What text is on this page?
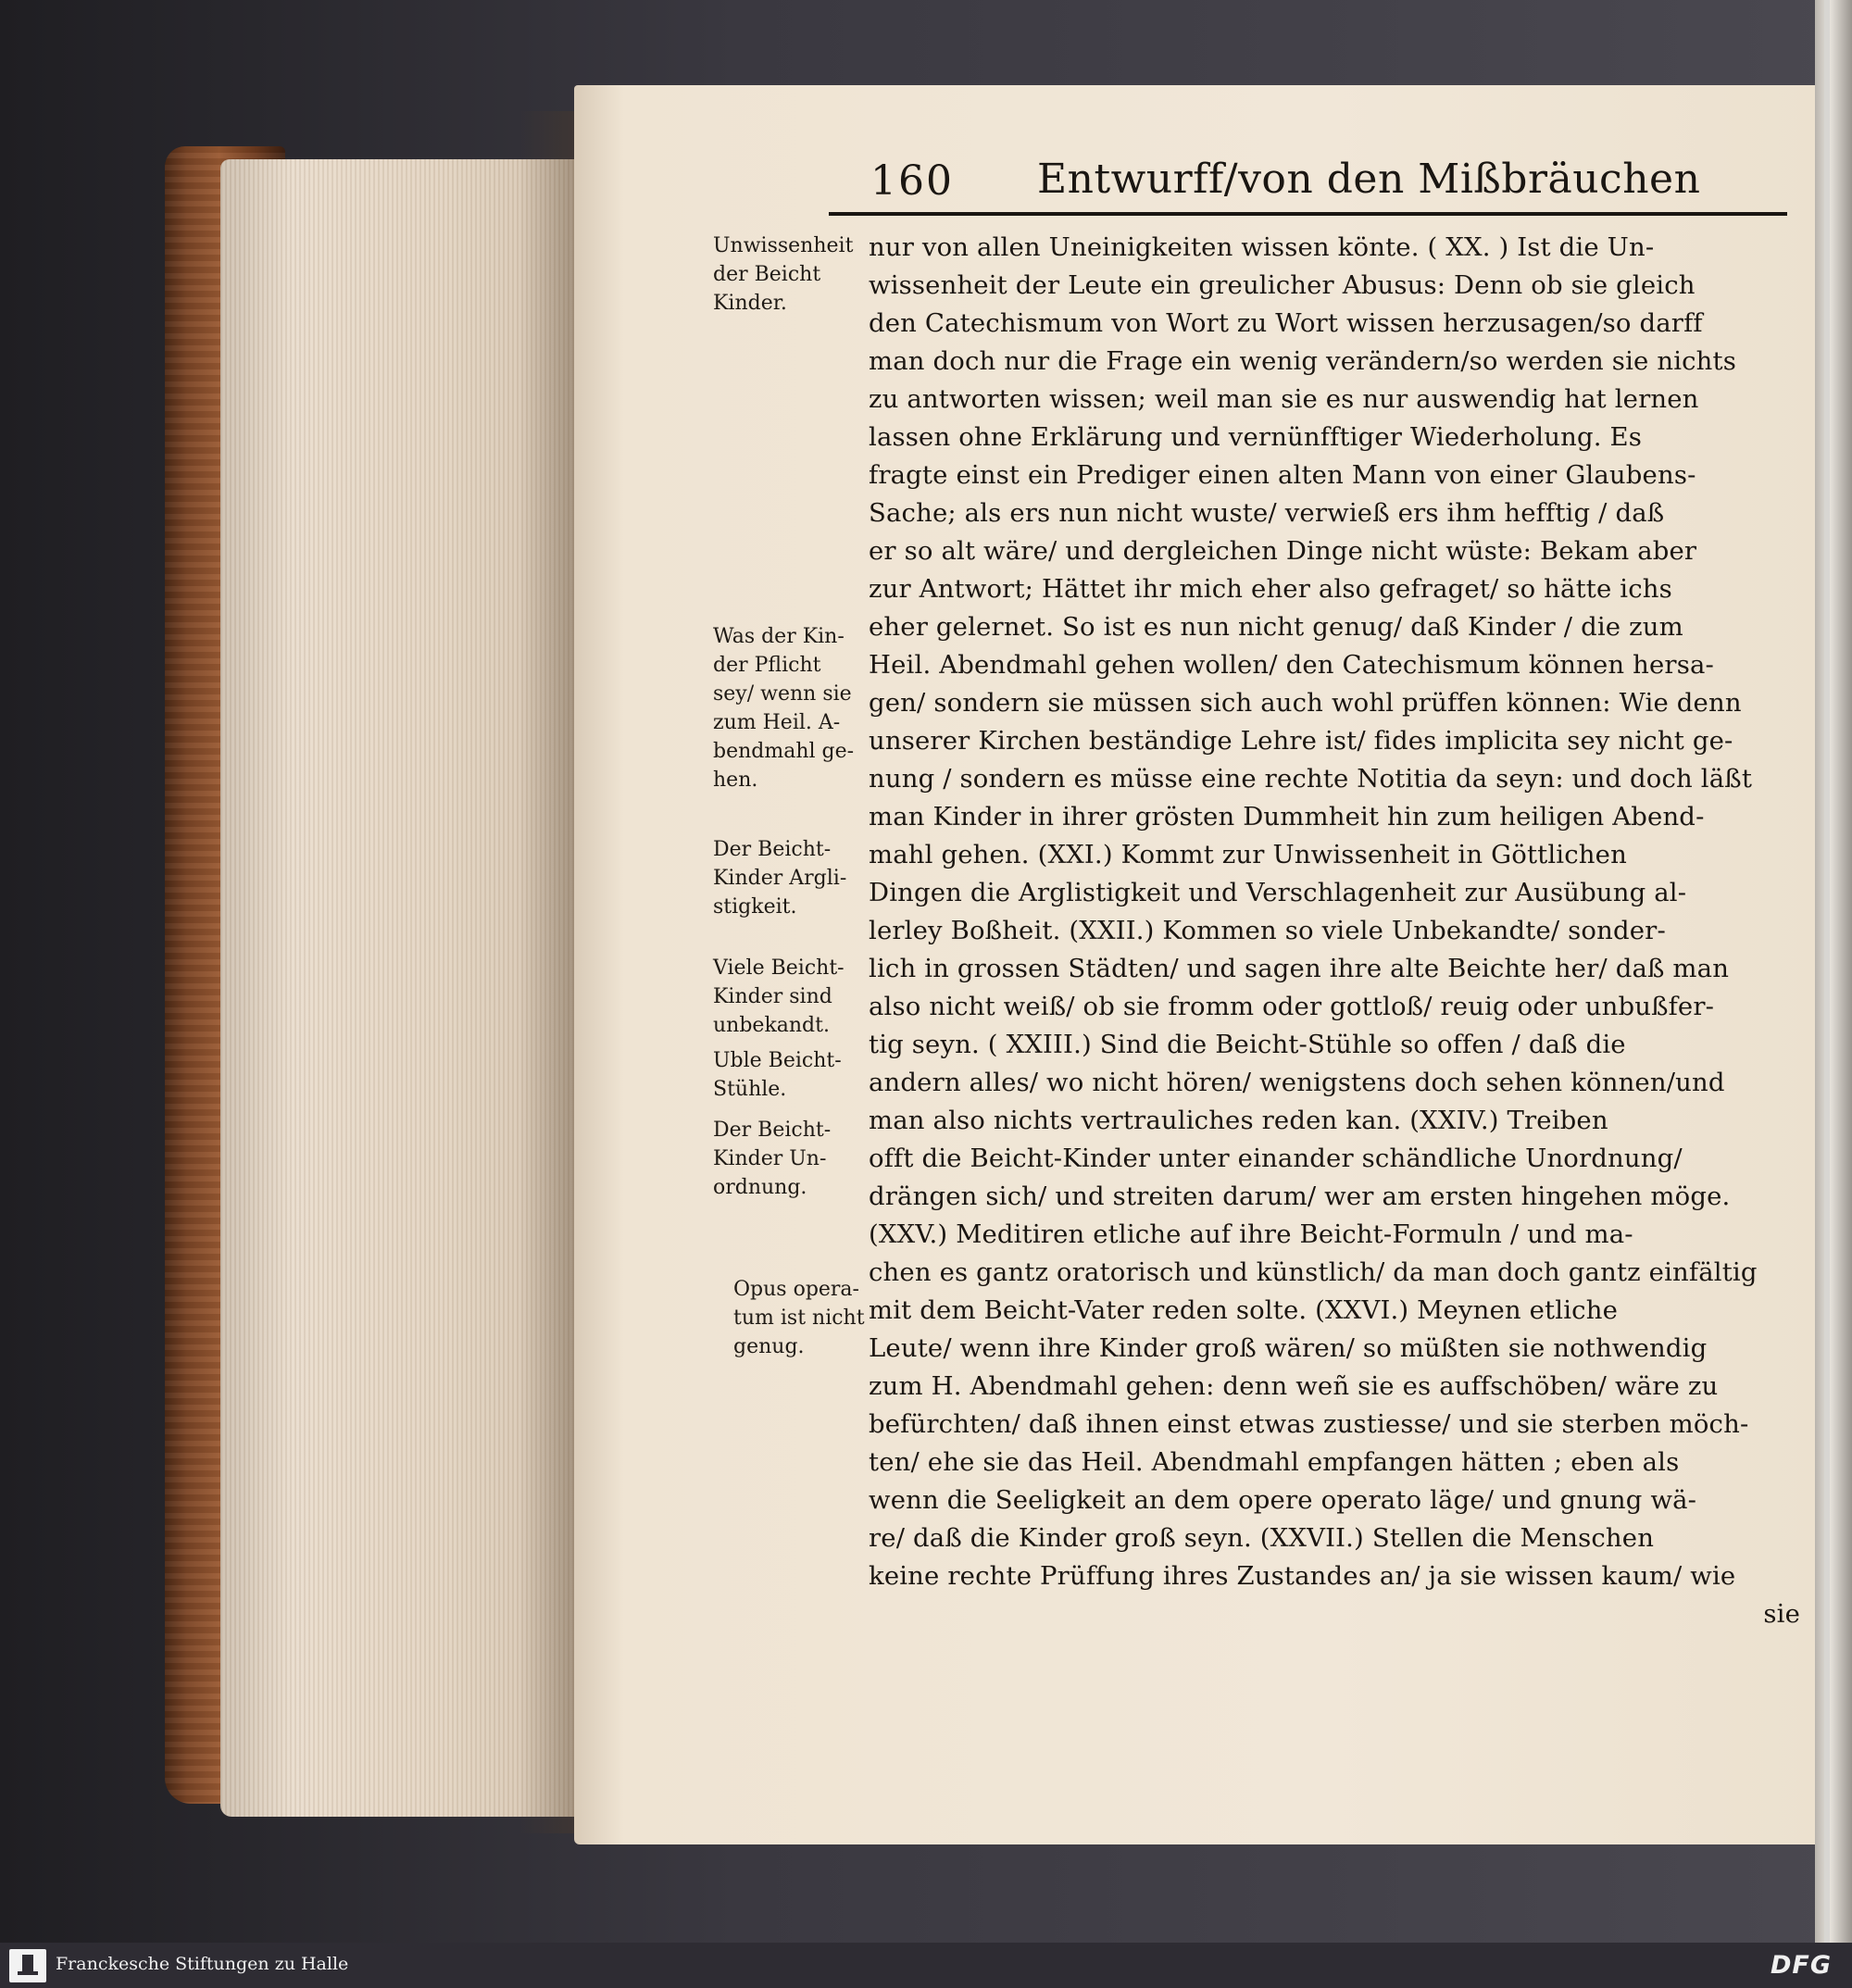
160 Entwurff/von den Mißbräuchen
Unwissenheit
der Beicht
Kinder.
Was der Kin-
der Pflicht
sey/ wenn sie
zum Heil. A-
bendmahl ge-
hen.
Der Beicht-
Kinder Argli-
stigkeit.
Viele Beicht-
Kinder sind
unbekandt.
Uble Beicht-
Stühle.
Der Beicht-
Kinder Un-
ordnung.
Opus opera-
tum ist nicht
genug.
nur von allen Uneinigkeiten wissen könte. ( XX. ) Ist die Un-
wissenheit der Leute ein greulicher Abusus: Denn ob sie gleich
den Catechismum von Wort zu Wort wissen herzusagen/so darff
man doch nur die Frage ein wenig verändern/so werden sie nichts
zu antworten wissen; weil man sie es nur auswendig hat lernen
lassen ohne Erklärung und vernünfftiger Wiederholung. Es
fragte einst ein Prediger einen alten Mann von einer Glaubens-
Sache; als ers nun nicht wuste/ verwieß ers ihm hefftig / daß
er so alt wäre/ und dergleichen Dinge nicht wüste: Bekam aber
zur Antwort; Hättet ihr mich eher also gefraget/ so hätte ichs
eher gelernet. So ist es nun nicht genug/ daß Kinder / die zum
Heil. Abendmahl gehen wollen/ den Catechismum können hersa-
gen/ sondern sie müssen sich auch wohl prüffen können: Wie denn
unserer Kirchen beständige Lehre ist/ fides implicita sey nicht ge-
nung / sondern es müsse eine rechte Notitia da seyn: und doch läßt
man Kinder in ihrer grösten Dummheit hin zum heiligen Abend-
mahl gehen. (XXI.) Kommt zur Unwissenheit in Göttlichen
Dingen die Arglistigkeit und Verschlagenheit zur Ausübung al-
lerley Boßheit. (XXII.) Kommen so viele Unbekandte/ sonder-
lich in grossen Städten/ und sagen ihre alte Beichte her/ daß man
also nicht weiß/ ob sie fromm oder gottloß/ reuig oder unbußfer-
tig seyn. ( XXIII.) Sind die Beicht-Stühle so offen / daß die
andern alles/ wo nicht hören/ wenigstens doch sehen können/und
man also nichts vertrauliches reden kan. (XXIV.) Treiben
offt die Beicht-Kinder unter einander schändliche Unordnung/
drängen sich/ und streiten darum/ wer am ersten hingehen möge.
(XXV.) Meditiren etliche auf ihre Beicht-Formuln / und ma-
chen es gantz oratorisch und künstlich/ da man doch gantz einfältig
mit dem Beicht-Vater reden solte. (XXVI.) Meynen etliche
Leute/ wenn ihre Kinder groß wären/ so müßten sie nothwendig
zum H. Abendmahl gehen: denn weñ sie es auffschöben/ wäre zu
befürchten/ daß ihnen einst etwas zustiesse/ und sie sterben möch-
ten/ ehe sie das Heil. Abendmahl empfangen hätten ; eben als
wenn die Seeligkeit an dem opere operato läge/ und gnung wä-
re/ daß die Kinder groß seyn. (XXVII.) Stellen die Menschen
keine rechte Prüffung ihres Zustandes an/ ja sie wissen kaum/ wie
sie
Franckesche Stiftungen zu Halle	DFG
